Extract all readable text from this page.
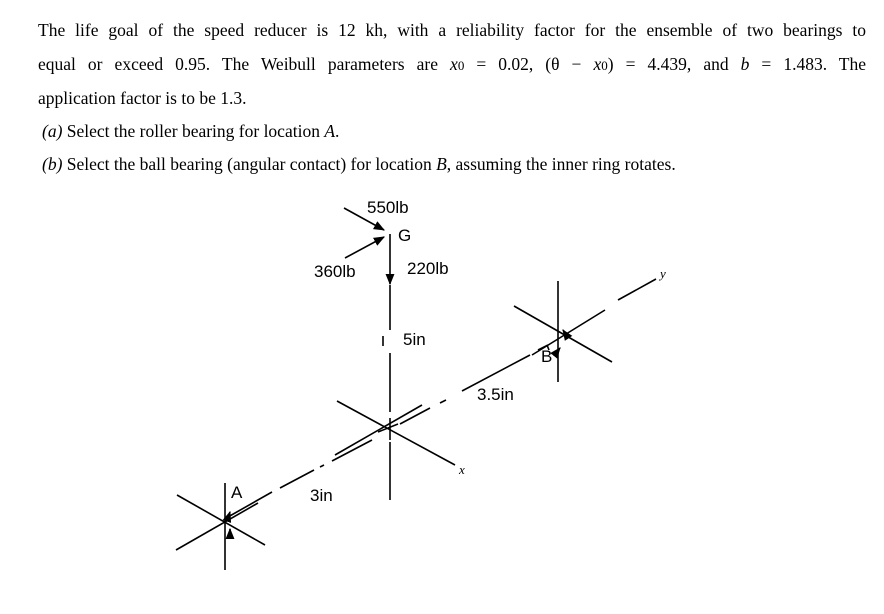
The life goal of the speed reducer is 12 kh, with a reliability factor for the ensemble of two bearings to
equal or exceed 0.95. The Weibull parameters are x0 = 0.02, (θ − x0) = 4.439, and b = 1.483. The
application factor is to be 1.3.
(a) Select the roller bearing for location A.
(b) Select the ball bearing (angular contact) for location B, assuming the inner ring rotates.
550lb
G
360lb	220lb
5in
3.5in
3in
A
B
x
y
